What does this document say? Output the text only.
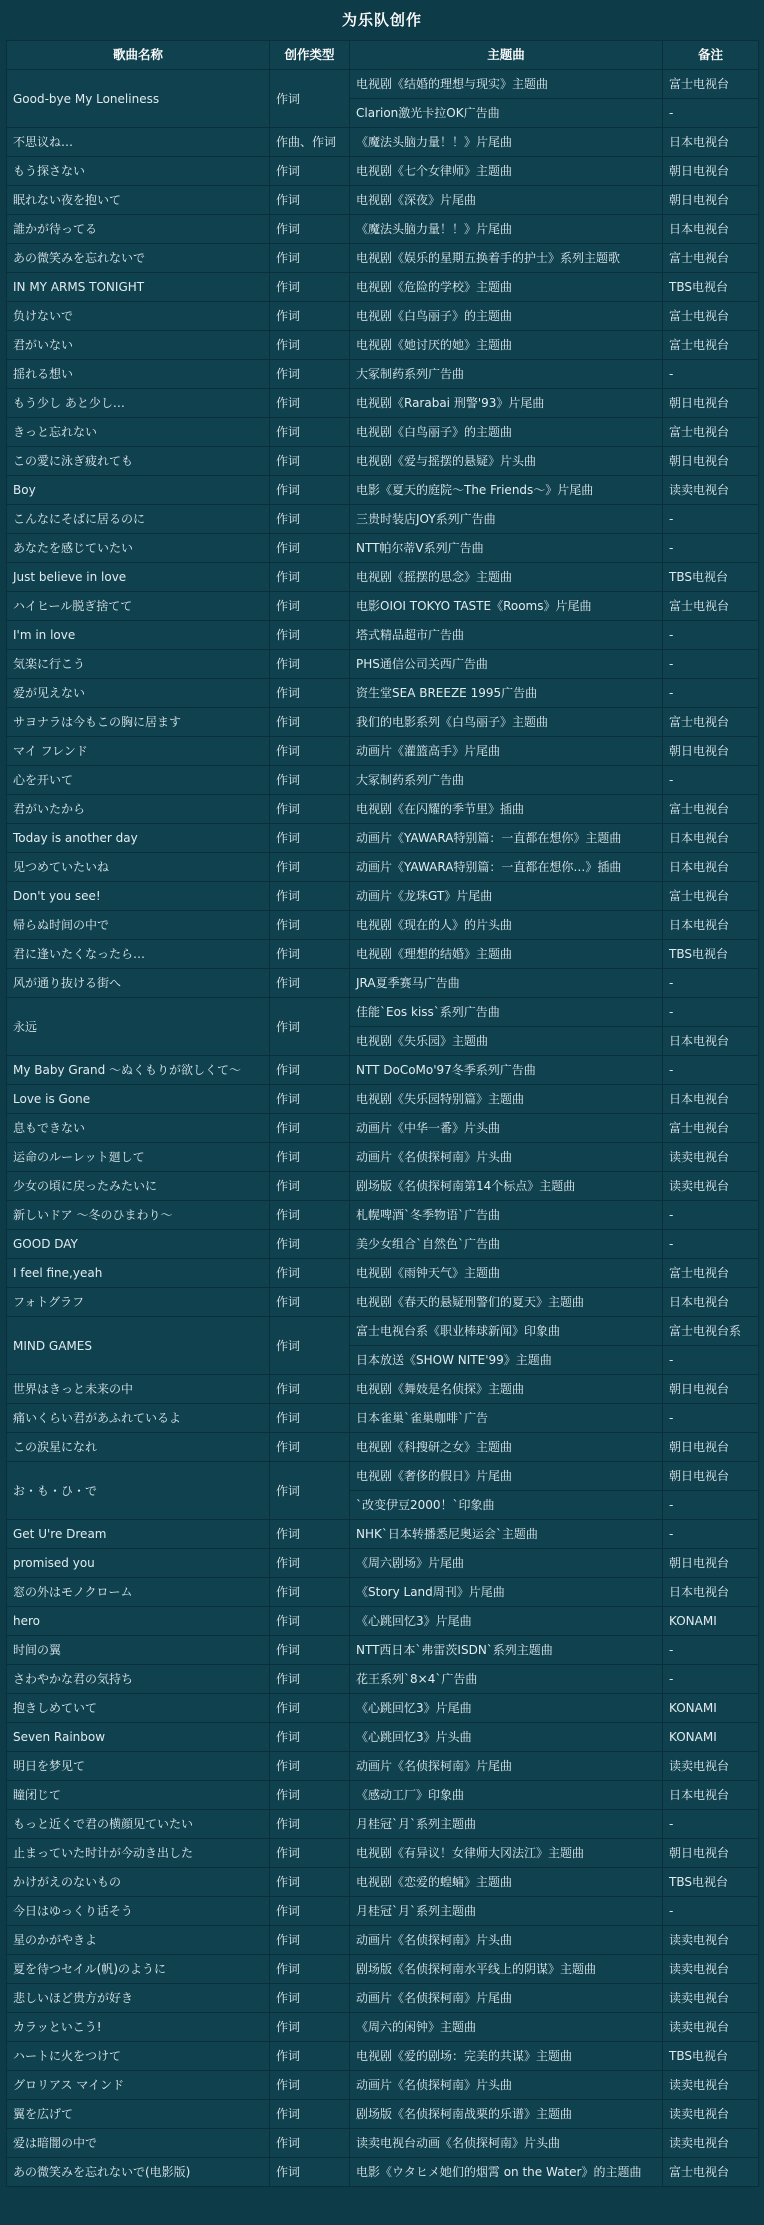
为乐队创作
歌曲名称	创作类型	主题曲	备注
Good-bye My Loneliness	作词	电视剧《结婚的理想与现实》主题曲	富士电视台
		Clarion激光卡拉OK广告曲	-
不思议ね…	作曲、作词	《魔法头脑力量！！》片尾曲	日本电视台
もう探さない	作词	电视剧《七个女律师》主题曲	朝日电视台
眠れない夜を抱いて	作词	电视剧《深夜》片尾曲	朝日电视台
誰かが待ってる	作词	《魔法头脑力量！！》片尾曲	日本电视台
あの微笑みを忘れないで	作词	电视剧《娱乐的星期五换着手的护士》系列主题歌	富士电视台
IN MY ARMS TONIGHT	作词	电视剧《危险的学校》主题曲	TBS电视台
负けないで	作词	电视剧《白鸟丽子》的主题曲	富士电视台
君がいない	作词	电视剧《她讨厌的她》主题曲	富士电视台
揺れる想い	作词	大冢制药系列广告曲	-
もう少し あと少し…	作词	电视剧《Rarabai 刑警'93》片尾曲	朝日电视台
きっと忘れない	作词	电视剧《白鸟丽子》的主题曲	富士电视台
この愛に泳ぎ疲れても	作词	电视剧《爱与摇摆的悬疑》片头曲	朝日电视台
Boy	作词	电影《夏天的庭院～The Friends～》片尾曲	读卖电视台
こんなにそばに居るのに	作词	三贵时装店JOY系列广告曲	-
あなたを感じていたい	作词	NTT帕尔蒂V系列广告曲	-
Just believe in love	作词	电视剧《摇摆的思念》主题曲	TBS电视台
ハイヒール脱ぎ捨てて	作词	电影OIOI TOKYO TASTE《Rooms》片尾曲	富士电视台
I'm in love	作词	塔式精品超市广告曲	-
気楽に行こう	作词	PHS通信公司关西广告曲	-
爱が见えない	作词	资生堂SEA BREEZE 1995广告曲	-
サヨナラは今もこの胸に居ます	作词	我们的电影系列《白鸟丽子》主题曲	富士电视台
マイ フレンド	作词	动画片《灌篮高手》片尾曲	朝日电视台
心を开いて	作词	大冢制药系列广告曲	-
君がいたから	作词	电视剧《在闪耀的季节里》插曲	富士电视台
Today is another day	作词	动画片《YAWARA特别篇：一直都在想你》主题曲	日本电视台
见つめていたいね	作词	动画片《YAWARA特别篇：一直都在想你…》插曲	日本电视台
Don't you see!	作词	动画片《龙珠GT》片尾曲	富士电视台
帰らぬ时间の中で	作词	电视剧《现在的人》的片头曲	日本电视台
君に逢いたくなったら…	作词	电视剧《理想的结婚》主题曲	TBS电视台
风が通り抜ける街へ	作词	JRA夏季赛马广告曲	-
永远	作词	佳能`Eos kiss`系列广告曲	-
		电视剧《失乐园》主题曲	日本电视台
My Baby Grand ～ぬくもりが欲しくて～	作词	NTT DoCoMo'97冬季系列广告曲	-
Love is Gone	作词	电视剧《失乐园特别篇》主题曲	日本电视台
息もできない	作词	动画片《中华一番》片头曲	富士电视台
运命のルーレット廻して	作词	动画片《名侦探柯南》片头曲	读卖电视台
少女の頃に戻ったみたいに	作词	剧场版《名侦探柯南第14个标点》主题曲	读卖电视台
新しいドア ～冬のひまわり～	作词	札幌啤酒`冬季物语`广告曲	-
GOOD DAY	作词	美少女组合`自然色`广告曲	-
I feel fine,yeah	作词	电视剧《雨钟天气》主题曲	富士电视台
フォトグラフ	作词	电视剧《春天的悬疑刑警们的夏天》主题曲	日本电视台
MIND GAMES	作词	富士电视台系《职业棒球新闻》印象曲	富士电视台系
		日本放送《SHOW NITE'99》主题曲	-
世界はきっと未来の中	作词	电视剧《舞妓是名侦探》主题曲	朝日电视台
痛いくらい君があふれているよ	作词	日本雀巢`雀巢咖啡`广告	-
この涙星になれ	作词	电视剧《科搜研之女》主题曲	朝日电视台
お・も・ひ・で	作词	电视剧《奢侈的假日》片尾曲	朝日电视台
		`改变伊豆2000！`印象曲	-
Get U're Dream	作词	NHK`日本转播悉尼奥运会`主题曲	-
promised you	作词	《周六剧场》片尾曲	朝日电视台
窓の外はモノクローム	作词	《Story Land周刊》片尾曲	日本电视台
hero	作词	《心跳回忆3》片尾曲	KONAMI
时间の翼	作词	NTT西日本`弗雷茨ISDN`系列主题曲	-
さわやかな君の気持ち	作词	花王系列`8×4`广告曲	-
抱きしめていて	作词	《心跳回忆3》片尾曲	KONAMI
Seven Rainbow	作词	《心跳回忆3》片头曲	KONAMI
明日を梦见て	作词	动画片《名侦探柯南》片尾曲	读卖电视台
瞳闭じて	作词	《感动工厂》印象曲	日本电视台
もっと近くで君の横顔见ていたい	作词	月桂冠`月`系列主题曲	-
止まっていた时计が今动き出した	作词	电视剧《有异议！女律师大冈法江》主题曲	朝日电视台
かけがえのないもの	作词	电视剧《恋爱的蝗蝻》主题曲	TBS电视台
今日はゆっくり话そう	作词	月桂冠`月`系列主题曲	-
星のかがやきよ	作词	动画片《名侦探柯南》片头曲	读卖电视台
夏を待つセイル(帆)のように	作词	剧场版《名侦探柯南水平线上的阴谋》主题曲	读卖电视台
悲しいほど贵方が好き	作词	动画片《名侦探柯南》片尾曲	读卖电视台
カラッといこう!	作词	《周六的闲钟》主题曲	读卖电视台
ハートに火をつけて	作词	电视剧《爱的剧场：完美的共谋》主题曲	TBS电视台
グロリアス マインド	作词	动画片《名侦探柯南》片头曲	读卖电视台
翼を広げて	作词	剧场版《名侦探柯南战栗的乐谱》主题曲	读卖电视台
爱は暗闇の中で	作词	读卖电视台动画《名侦探柯南》片头曲	读卖电视台
あの微笑みを忘れないで(电影版)	作词	电影《ウタヒメ她们的烟霄 on the Water》的主题曲	富士电视台
